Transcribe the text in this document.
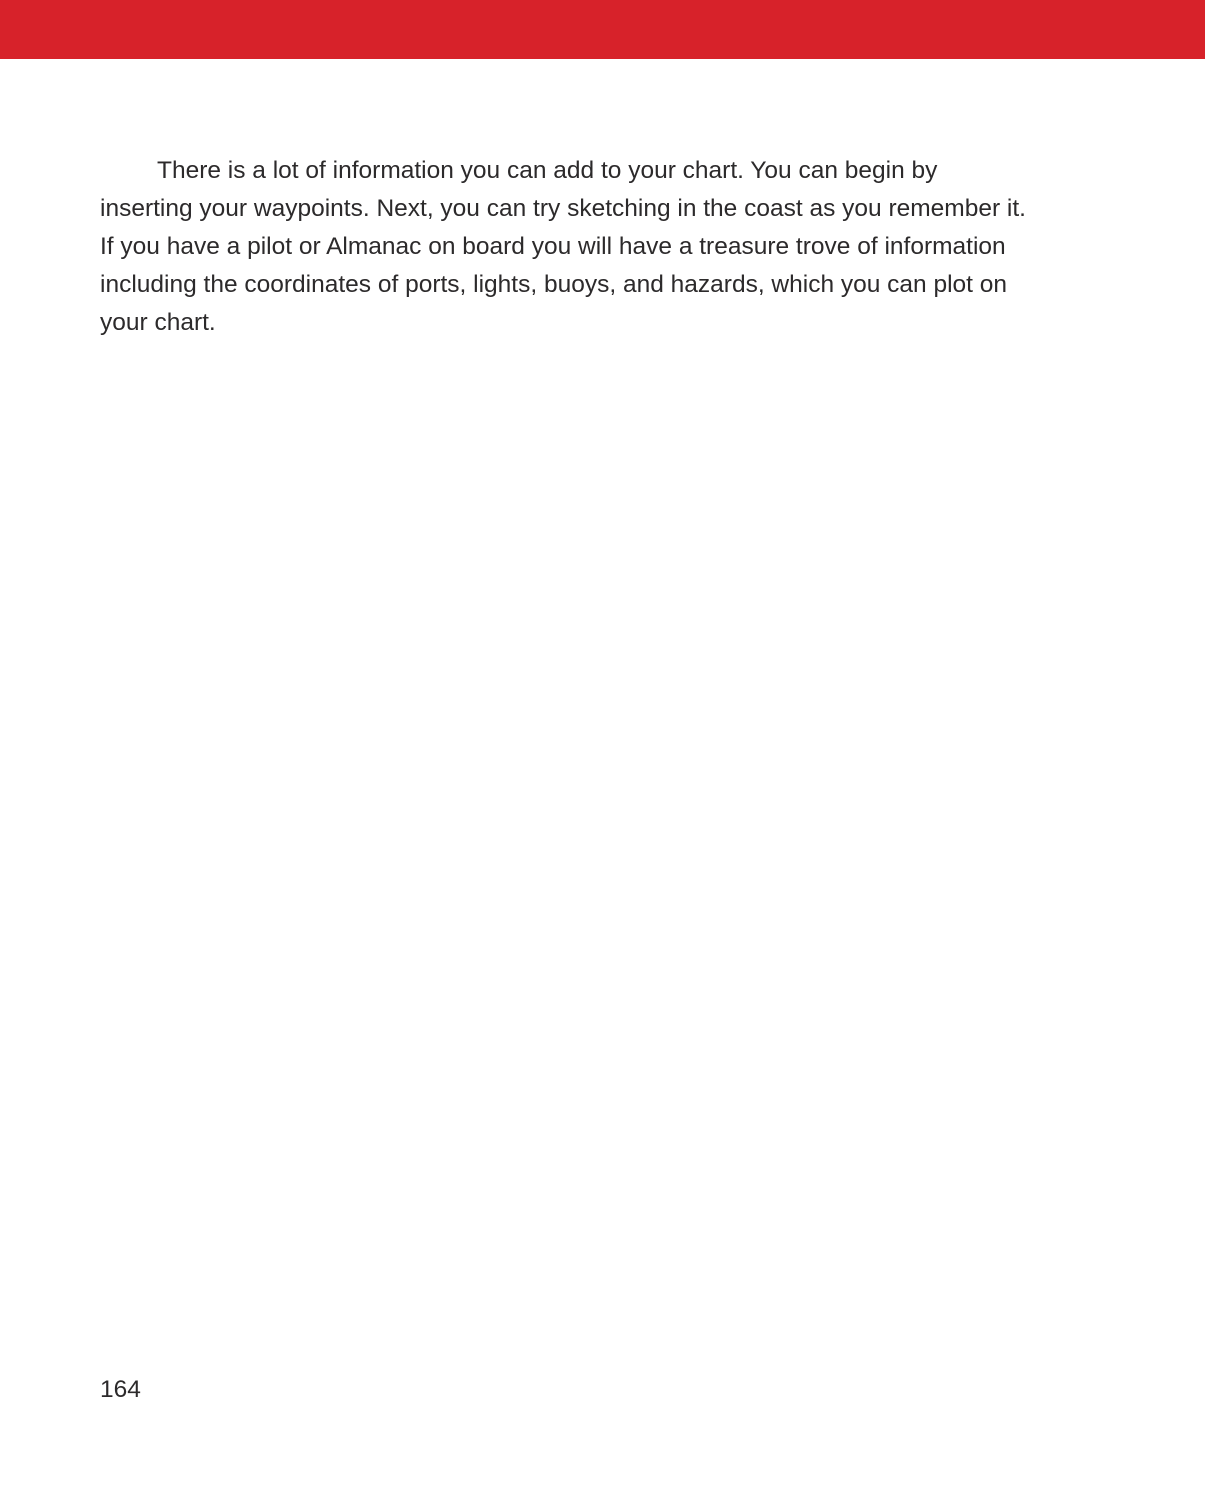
There is a lot of information you can add to your chart. You can begin by
inserting your waypoints. Next, you can try sketching in the coast as you remember it.
If you have a pilot or Almanac on board you will have a treasure trove of information
including the coordinates of ports, lights, buoys, and hazards, which you can plot on
your chart.
164
